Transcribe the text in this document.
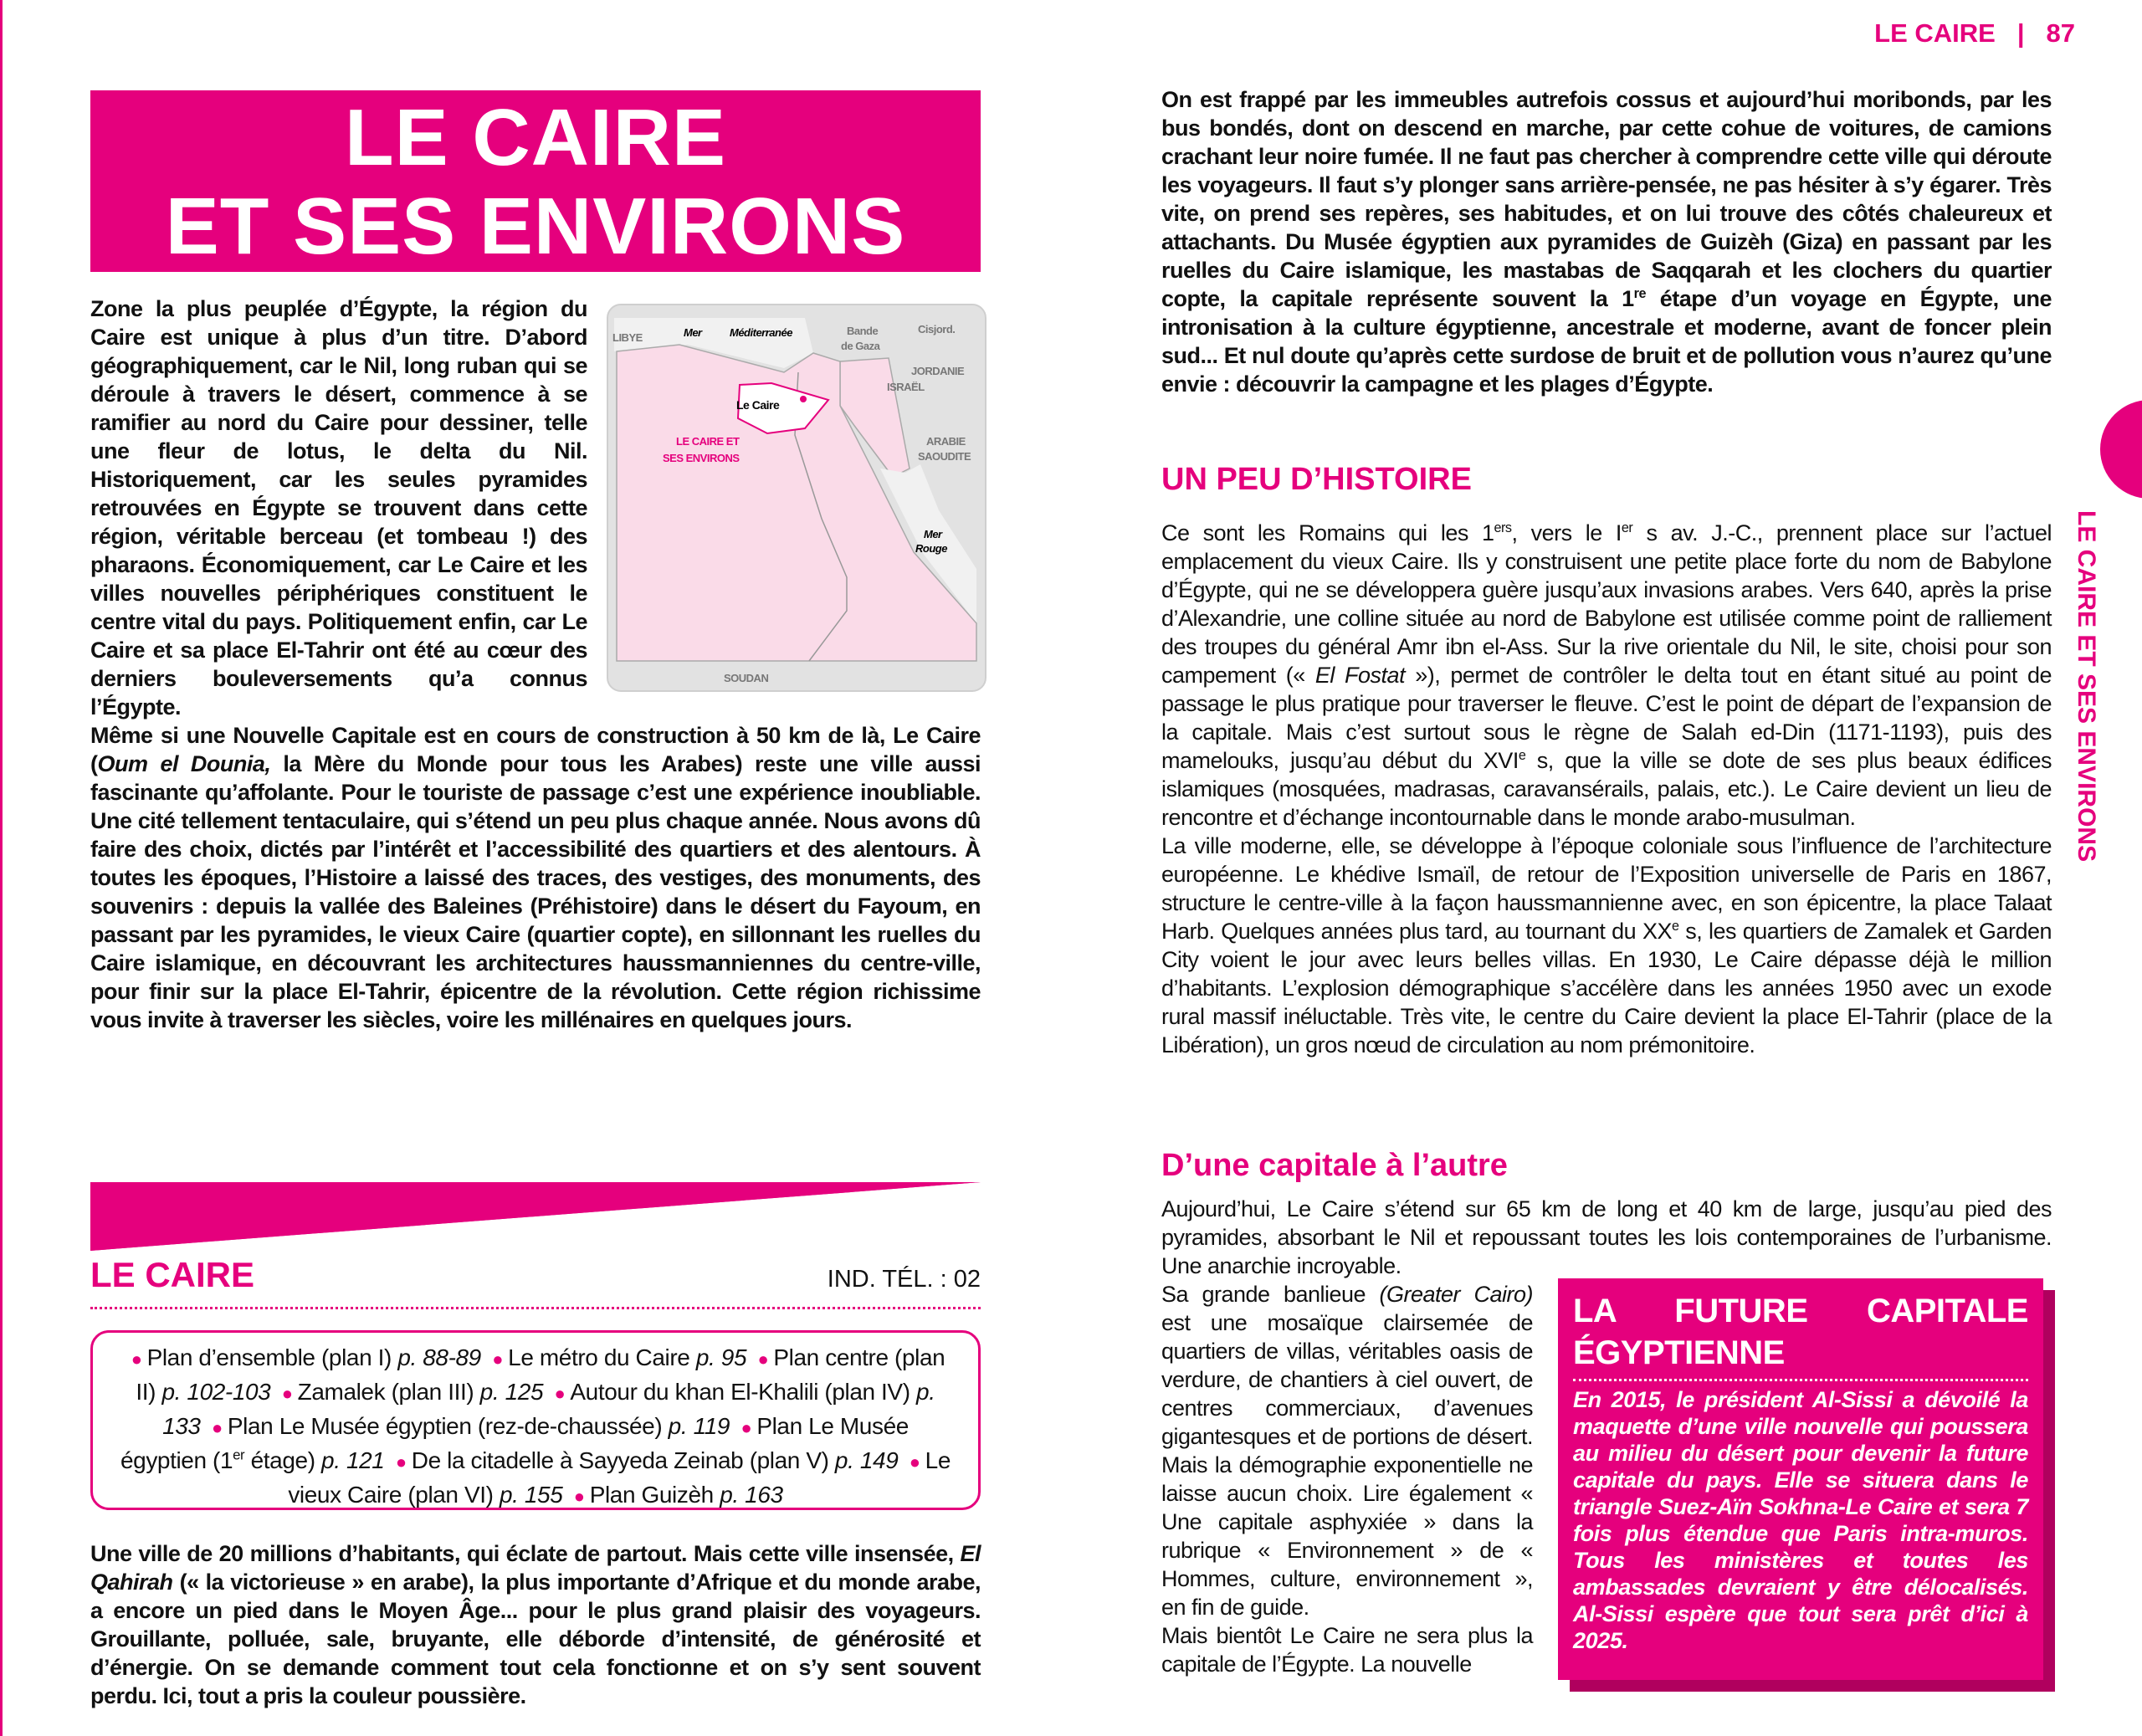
LE CAIRE | 87
LE CAIRE ET SES ENVIRONS
LE CAIRE
ET SES ENVIRONS
LIBYE	Mer	Méditerranée	Bande
de Gaza
Cisjord.
JORDANIE
ISRAËL
Le Caire
LE CAIRE ET
SES ENVIRONS
ARABIE
SAOUDITE
Mer
Rouge
SOUDAN

Zone la plus peuplée d’Égypte, la région du Caire est unique à plus d’un titre. D’abord géographiquement, car le Nil, long ruban qui se déroule à travers le désert, commence à se ramifier au nord du Caire pour dessiner, telle une fleur de lotus, le delta du Nil. Historiquement, car les seules pyramides retrouvées en Égypte se trouvent dans cette région, véritable berceau (et tombeau !) des pharaons. Économiquement, car Le Caire et les villes nouvelles périphériques constituent le centre vital du pays. Politiquement enfin, car Le Caire et sa place El-Tahrir ont été au cœur des derniers bouleversements qu’a connus l’Égypte.

Même si une Nouvelle Capitale est en cours de construction à 50 km de là, Le Caire (Oum el Dounia, la Mère du Monde pour tous les Arabes) reste une ville aussi fascinante qu’affolante. Pour le touriste de passage c’est une expérience inoubliable. Une cité tellement tentaculaire, qui s’étend un peu plus chaque année. Nous avons dû faire des choix, dictés par l’intérêt et l’accessibilité des quartiers et des alentours. À toutes les époques, l’Histoire a laissé des traces, des vestiges, des monuments, des souvenirs : depuis la vallée des Baleines (Préhistoire) dans le désert du Fayoum, en passant par les pyramides, le vieux Caire (quartier copte), en sillonnant les ruelles du Caire islamique, en découvrant les architectures haussmanniennes du centre-ville, pour finir sur la place El-Tahrir, épicentre de la révolution. Cette région richissime vous invite à traverser les siècles, voire les millénaires en quelques jours.

LE CAIRE	IND. TÉL. : 02
● Plan d’ensemble (plan I) p. 88-89 ● Le métro du Caire p. 95 ● Plan centre (plan II) p. 102-103 ● Zamalek (plan III) p. 125 ● Autour du khan El-Khalili (plan IV) p. 133 ● Plan Le Musée égyptien (rez-de-chaussée) p. 119 ● Plan Le Musée égyptien (1er étage) p. 121 ● De la citadelle à Sayyeda Zeinab (plan V) p. 149 ● Le vieux Caire (plan VI) p. 155 ● Plan Guizèh p. 163

Une ville de 20 millions d’habitants, qui éclate de partout. Mais cette ville insensée, El Qahirah (« la victorieuse » en arabe), la plus importante d’Afrique et du monde arabe, a encore un pied dans le Moyen Âge... pour le plus grand plaisir des voyageurs. Grouillante, polluée, sale, bruyante, elle déborde d’intensité, de générosité et d’énergie. On se demande comment tout cela fonctionne et on s’y sent souvent perdu. Ici, tout a pris la couleur poussière.

On est frappé par les immeubles autrefois cossus et aujourd’hui moribonds, par les bus bondés, dont on descend en marche, par cette cohue de voitures, de camions crachant leur noire fumée. Il ne faut pas chercher à comprendre cette ville qui déroute les voyageurs. Il faut s’y plonger sans arrière-pensée, ne pas hésiter à s’y égarer. Très vite, on prend ses repères, ses habitudes, et on lui trouve des côtés chaleureux et attachants. Du Musée égyptien aux pyramides de Guizèh (Giza) en passant par les ruelles du Caire islamique, les mastabas de Saqqarah et les clochers du quartier copte, la capitale représente souvent la 1re étape d’un voyage en Égypte, une intronisation à la culture égyptienne, ancestrale et moderne, avant de foncer plein sud... Et nul doute qu’après cette surdose de bruit et de pollution vous n’aurez qu’une envie : découvrir la campagne et les plages d’Égypte.

UN PEU D’HISTOIRE

Ce sont les Romains qui les 1ers, vers le Ier s av. J.-C., prennent place sur l’actuel emplacement du vieux Caire. Ils y construisent une petite place forte du nom de Babylone d’Égypte, qui ne se développera guère jusqu’aux invasions arabes. Vers 640, après la prise d’Alexandrie, une colline située au nord de Babylone est utilisée comme point de ralliement des troupes du général Amr ibn el-Ass. Sur la rive orientale du Nil, le site, choisi pour son campement (« El Fostat »), permet de contrôler le delta tout en étant situé au point de passage le plus pratique pour traverser le fleuve. C’est le point de départ de l’expansion de la capitale. Mais c’est surtout sous le règne de Salah ed-Din (1171-1193), puis des mamelouks, jusqu’au début du XVIe s, que la ville se dote de ses plus beaux édifices islamiques (mosquées, madrasas, caravansérails, palais, etc.). Le Caire devient un lieu de rencontre et d’échange incontournable dans le monde arabo-musulman.

La ville moderne, elle, se développe à l’époque coloniale sous l’influence de l’architecture européenne. Le khédive Ismaïl, de retour de l’Exposition universelle de Paris en 1867, structure le centre-ville à la façon haussmannienne avec, en son épicentre, la place Talaat Harb. Quelques années plus tard, au tournant du XXe s, les quartiers de Zamalek et Garden City voient le jour avec leurs belles villas. En 1930, Le Caire dépasse déjà le million d’habitants. L’explosion démographique s’accélère dans les années 1950 avec un exode rural massif inéluctable. Très vite, le centre du Caire devient la place El-Tahrir (place de la Libération), un gros nœud de circulation au nom prémonitoire.

D’une capitale à l’autre
LA FUTURE CAPITALE ÉGYPTIENNE
En 2015, le président Al-Sissi a dévoilé la maquette d’une ville nouvelle qui poussera au milieu du désert pour devenir la future capitale du pays. Elle se situera dans le triangle Suez-Aïn Sokhna-Le Caire et sera 7 fois plus étendue que Paris intra-muros. Tous les ministères et toutes les ambassades devraient y être délocalisés. Al-Sissi espère que tout sera prêt d’ici à 2025.

Aujourd’hui, Le Caire s’étend sur 65 km de long et 40 km de large, jusqu’au pied des pyramides, absorbant le Nil et repoussant toutes les lois contemporaines de l’urbanisme. Une anarchie incroyable.

Sa grande banlieue (Greater Cairo) est une mosaïque clairsemée de quartiers de villas, véritables oasis de verdure, de chantiers à ciel ouvert, de centres commerciaux, d’avenues gigantesques et de portions de désert. Mais la démographie exponentielle ne laisse aucun choix. Lire également « Une capitale asphyxiée » dans la rubrique « Environnement » de « Hommes, culture, environnement », en fin de guide.

Mais bientôt Le Caire ne sera plus la capitale de l’Égypte. La nouvelle
